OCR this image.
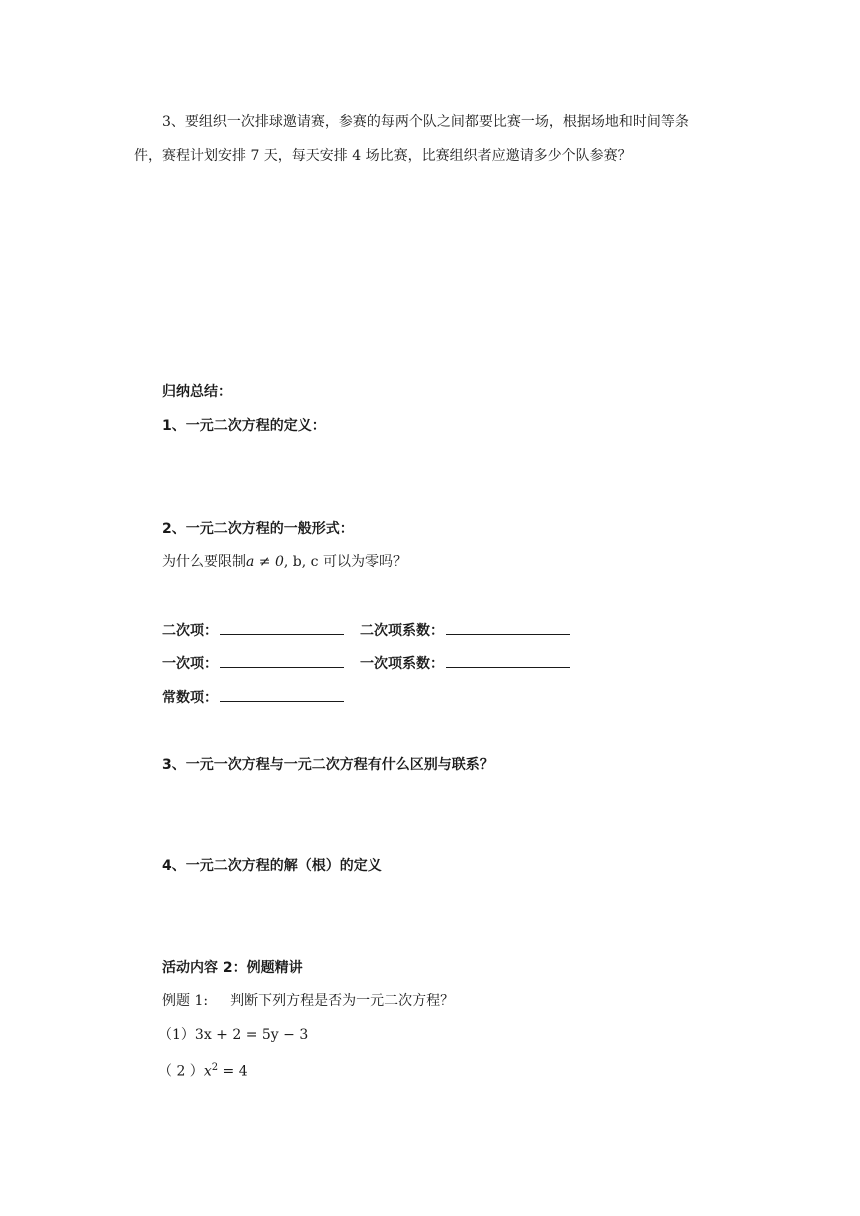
3、要组织一次排球邀请赛，参赛的每两个队之间都要比赛一场，根据场地和时间等条
件，赛程计划安排 7 天，每天安排 4 场比赛，比赛组织者应邀请多少个队参赛？
归纳总结：
1、一元二次方程的定义：
2、一元二次方程的一般形式：
为什么要限制a ≠ 0, b, c 可以为零吗？
二次项：	二次项系数：
一次项：	一次项系数：
常数项：
3、一元一次方程与一元二次方程有什么区别与联系？
4、一元二次方程的解（根）的定义
活动内容 2：例题精讲
例题 1: 判断下列方程是否为一元二次方程？
（1）3x + 2 = 5y − 3
（ 2 ）$x^2 = 4$
